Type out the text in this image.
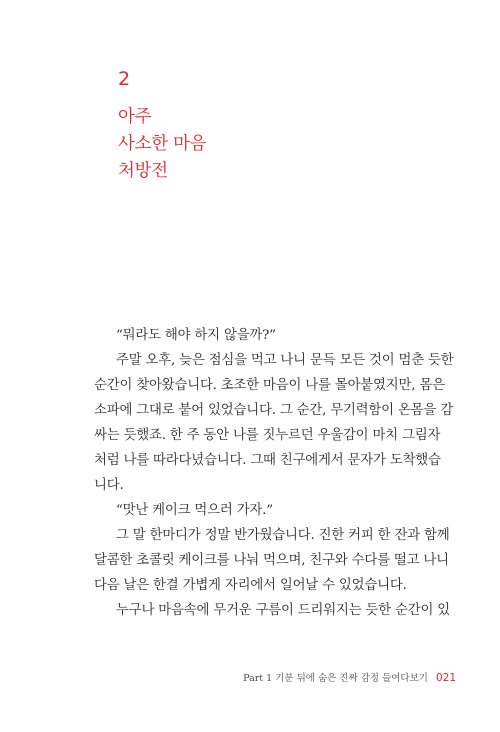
2
아주
사소한 마음
처방전

“뭐라도 해야 하지 않을까?”

주말 오후, 늦은 점심을 먹고 나니 문득 모든 것이 멈춘 듯한
순간이 찾아왔습니다. 초조한 마음이 나를 몰아붙였지만, 몸은
소파에 그대로 붙어 있었습니다. 그 순간, 무기력함이 온몸을 감
싸는 듯했죠. 한 주 동안 나를 짓누르던 우울감이 마치 그림자
처럼 나를 따라다녔습니다. 그때 친구에게서 문자가 도착했습
니다.

“맛난 케이크 먹으러 가자.”

그 말 한마디가 정말 반가웠습니다. 진한 커피 한 잔과 함께
달콤한 초콜릿 케이크를 나눠 먹으며, 친구와 수다를 떨고 나니
다음 날은 한결 가볍게 자리에서 일어날 수 있었습니다.

누구나 마음속에 무거운 구름이 드리워지는 듯한 순간이 있

Part 1 기분 뒤에 숨은 진짜 감정 들여다보기 021
